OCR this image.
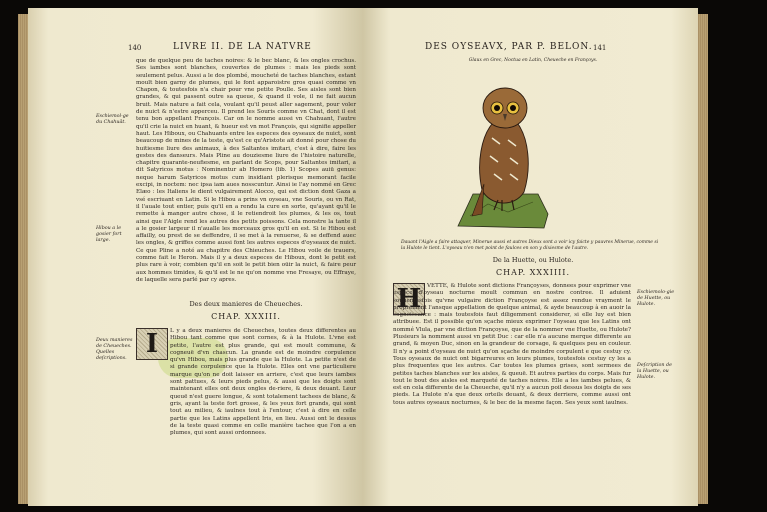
140	LIVRE II. DE LA NATVRE
Eschiemol-ge du Chahuāt.
Hibou a le gosier fort large.

que de quelque peu de taches noires: & le bec blanc, & les ongles crochus. Ses iambes sont blanches, couvertes de plumes : mais les pieds sont seulement pelus. Aussi a le dos plombé, moucheté de taches blanches, estant moult bien garny de plumes, qui le font apparoistre gros quasi comme vn Chapon, & toutesfois n'a chair pour vne petite Poulle. Ses aisles sont bien grandes, & qui passent outre sa queue, & quand il vole, il ne fait aucun bruit. Mais nature a fait cela, voulant qu'il peust aller sagement, pour voler de nuict & n'estre apperceu. Il prend les Souris comme vn Chat, dont il est tenu bon appellant François. Car on le nomme aussi vn Chahuant, l'autre qu'il crie la nuict en huant, & hueur est vn mot François, qui signifie appeller haut. Les Hiboux, ou Chahuants entre les especes des oyseaux de nuict, sont beaucoup de mines de la teste, qu'est ce qu'Aristote ait donné pour chose du huitiesme liure des animaux, à des Saltantes imitari, c'est à dire, faire les gestes des danseurs. Mais Pline au douziesme liure de l'histoire naturelle, chapitre quarante-neufiesme, en parlant de Scops, pour Saltantes imitari, a dit Satyricos motus : Nominentur ab Homero (lib. 1) Scopes auiū genus: neque harum Satyricos motus cum insidiant plerisque memorant facile excipi, in noctem: nec ipsa iam aues nosscuntur. Ainsi ie l'ay nommé en Grec Elæo : les Italiens le dient vulgairement Alocco, qui est diction dont Gaza a vsé escriuant en Latin. Si le Hibou a prins vn oyseau, vne Souris, ou vn Rat, il l'auale tout entier, puis qu'il en a rendu la cure en sorte, qu'ayant qu'il le remette à manger autre chose, il le retiendroit les plumes, & les os, tout ainsi que l'Aigle rend les autres des petits poissons. Cela monstre la tante il a le gosier largeur il n'aualle les morceaux gros qu'il en est. Si le Hibou est affailly, ou prest de se deffendre, il se met à la renuerse, & se deffend auec les ongles, & griffes comme aussi font les autres especes d'oyseaux de nuict. Ce que Pline a noté au chapitre des Chieuches. Le Hibou voile de trauers, comme fait le Heron. Mais il y a deux especes de Hiboux, dont le petit est plus rare à voir, combien qu'il en soit le petit bien oüir la nuict, & faire peur aux hommes timides, & qu'il est le ne qu'on nomme vne Fresaye, ou Effraye, de laquelle sera parlé par cy apres.

Des deux manieres de Cheueches.
CHAP. XXXIII.
Deux manieres de Cheueches. Quelles deſcriptions. I	L y a deux manieres de Cheueches, toutes deux differentes au Hibou tant comme que sont cornes, & à la Hulote. L'vne est petite, l'autre est plus grande, qui est moult commune, & cogneuë d'vn chascun. La grande est de moindre corpulence qu'vn Hibou, mais plus grande que la Hulote. La petite n'est de si grande corpulence que la Hulote. Elles ont vne particuliere marque qu'on ne doit laisser en arriere, c'est que leurs iambes sont pattues, & leurs pieds pelus, & aussi que les doigts sont maintenant elles ont deux ongles de-riere, & deux deuant. Leur queuë n'est guere longue, & sont totalement tachees de blanc, & gris, ayant la teste fort grosse, & les yeux fort grands, qui sont tout au milieu, & iaulnes tout à l'entour, c'est à dire en celle partie que les Latins appellent Iris, en lieu. Aussi ont le dessus de la teste quasi comme en celle manière tachee que l'on a en plumes, qui sont aussi ordonnees.

DES OYSEAVX, PAR P. BELON. 141
Glaux en Grec, Noctua en Latin, Cheueche en Françoys.
Dauant l'Aigle a faire attaquer, Minerue aussi et autres Dieux sont a voir icy faicte y pauvres Minerue, comme si la Hulote le tient. L'oyseau n'en met point de faulces en son y dixiesme de l'autre.
De la Huette, ou Hulote.
CHAP. XXXIIII.
H	VETTE, & Hulote sont dictions Françoyses, donnees pour exprimer vne espece d'oyseau nocturne moult commun en nostre contree. Il aduient souuentesfois qu'vne vulgaire diction Françoyse est assez rendue vrayment le proprement l'ansque appellation de quelque animal, & ayde beaucoup à en auoir la cognoissance : mais toutesfois faut diligemment considerer, si elle luy est bien attribuee. Est il possible qu'on sçache mieux exprimer l'oyseau que les Latins ont nommé Vlula, par vne diction Françoyse, que de la nommer vne Huette, ou Hulote? Plusieurs la nomment aussi vn petit Duc : car elle n'a aucune merque differente au grand, & moyen Duc, sinon en la grandeur de corsage, & quelques peu en couleur. Il n'y a point d'oyseau de nuict qu'on sçache de moindre corpulent e que cestuy cy. Tous oyseaux de nuict ont bigarreures en leurs plumes, toutesfois cestuy cy les a plus frequentes que les autres. Car toutes les plumes grises, sont sermees de petites taches blanches sur les aisles, & queuë. Et autres parties du corps. Mais fur tout le bout des aisles est marqueté de taches noires. Elle a les iambes pelues, & est en cela differente de la Cheueche, qu'il n'y a aucun poil dessus les doigts de ses pieds. La Hulote n'a que deux orteils deuant, & deux derriere, comme aussi ont tous autres oyseaux nocturnes, & le bec de la mesme façon. Ses yeux sont iaulnes.

Eschiemolo-gie de Huette, ou Hulote.
Deſcription de la Huette, ou Hulote.
